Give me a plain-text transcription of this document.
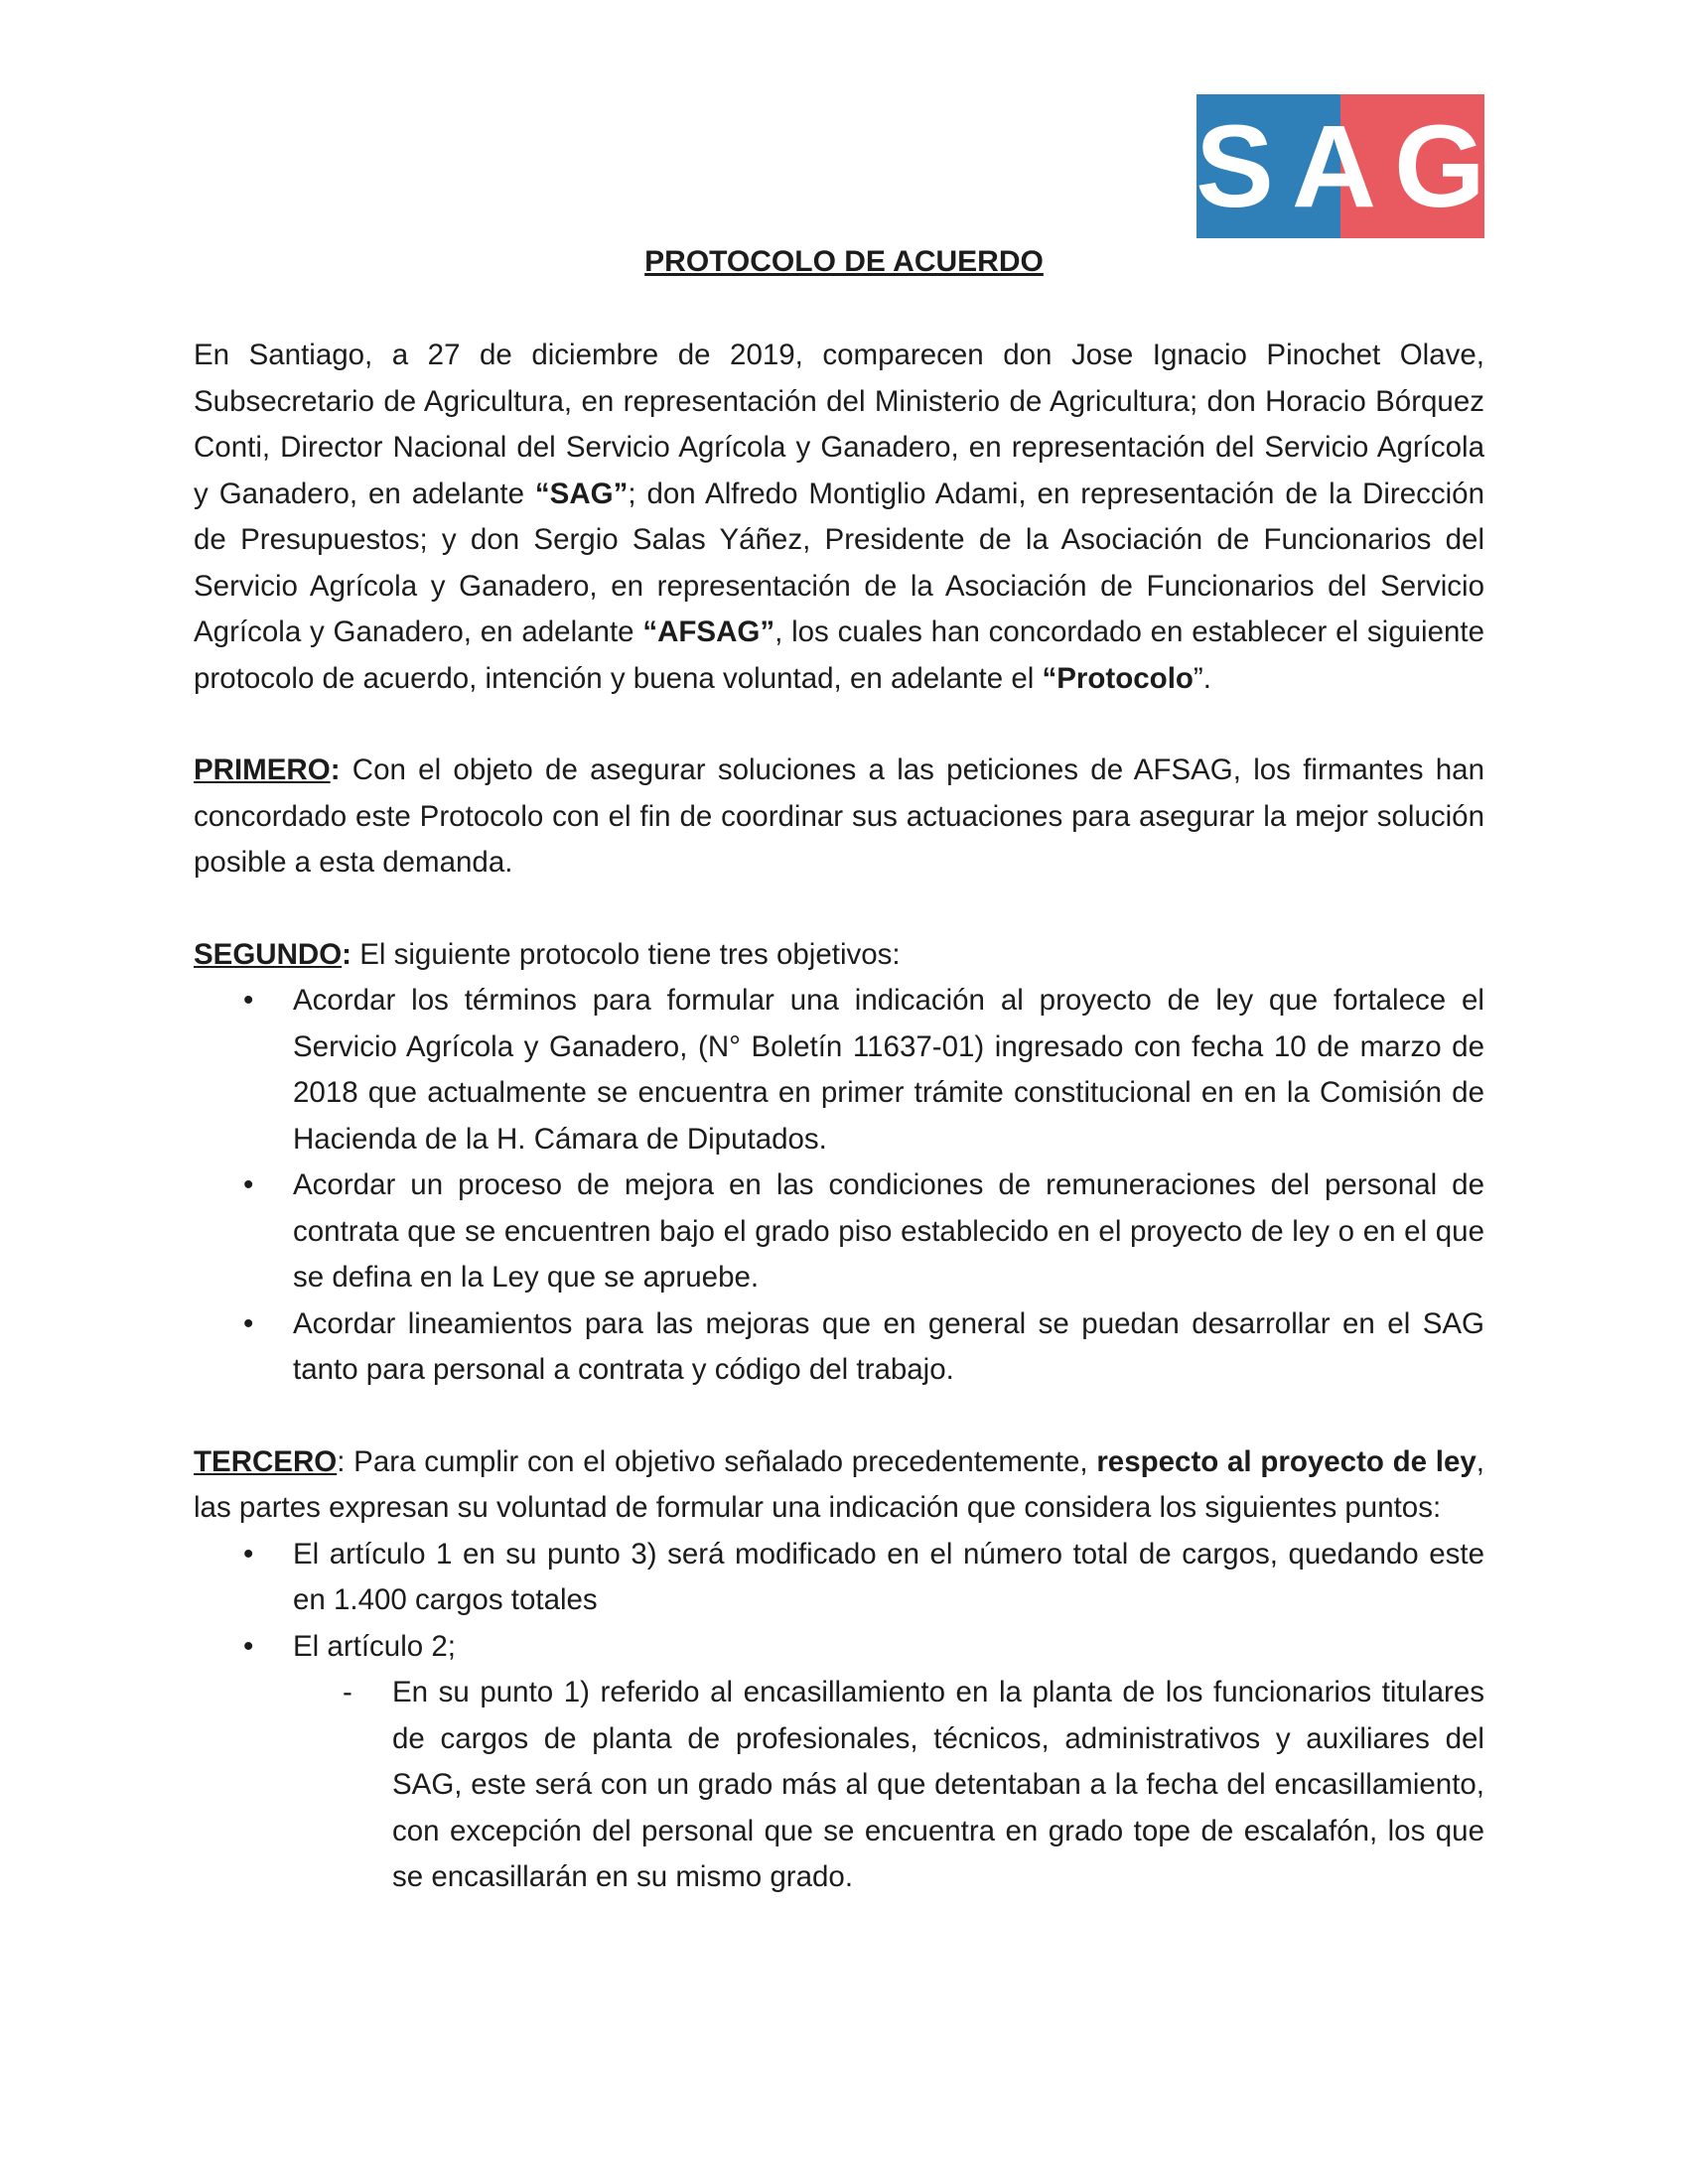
SAG
PROTOCOLO DE ACUERDO

En Santiago, a 27 de diciembre de 2019, comparecen don Jose Ignacio Pinochet Olave, Subsecretario de Agricultura, en representación del Ministerio de Agricultura; don Horacio Bórquez Conti, Director Nacional del Servicio Agrícola y Ganadero, en representación del Servicio Agrícola y Ganadero, en adelante “SAG”; don Alfredo Montiglio Adami, en representación de la Dirección de Presupuestos; y don Sergio Salas Yáñez, Presidente de la Asociación de Funcionarios del Servicio Agrícola y Ganadero, en representación de la Asociación de Funcionarios del Servicio Agrícola y Ganadero, en adelante “AFSAG”, los cuales han concordado en establecer el siguiente protocolo de acuerdo, intención y buena voluntad, en adelante el “Protocolo”.

PRIMERO: Con el objeto de asegurar soluciones a las peticiones de AFSAG, los firmantes han concordado este Protocolo con el fin de coordinar sus actuaciones para asegurar la mejor solución posible a esta demanda.

SEGUNDO: El siguiente protocolo tiene tres objetivos:

• Acordar los términos para formular una indicación al proyecto de ley que fortalece el Servicio Agrícola y Ganadero, (N° Boletín 11637-01) ingresado con fecha 10 de marzo de 2018 que actualmente se encuentra en primer trámite constitucional en en la Comisión de Hacienda de la H. Cámara de Diputados.
• Acordar un proceso de mejora en las condiciones de remuneraciones del personal de contrata que se encuentren bajo el grado piso establecido en el proyecto de ley o en el que se defina en la Ley que se apruebe.
• Acordar lineamientos para las mejoras que en general se puedan desarrollar en el SAG tanto para personal a contrata y código del trabajo.

TERCERO: Para cumplir con el objetivo señalado precedentemente, respecto al proyecto de ley, las partes expresan su voluntad de formular una indicación que considera los siguientes puntos:

• El artículo 1 en su punto 3) será modificado en el número total de cargos, quedando este en 1.400 cargos totales
• El artículo 2;
- En su punto 1) referido al encasillamiento en la planta de los funcionarios titulares de cargos de planta de profesionales, técnicos, administrativos y auxiliares del SAG, este será con un grado más al que detentaban a la fecha del encasillamiento, con excepción del personal que se encuentra en grado tope de escalafón, los que se encasillarán en su mismo grado.
